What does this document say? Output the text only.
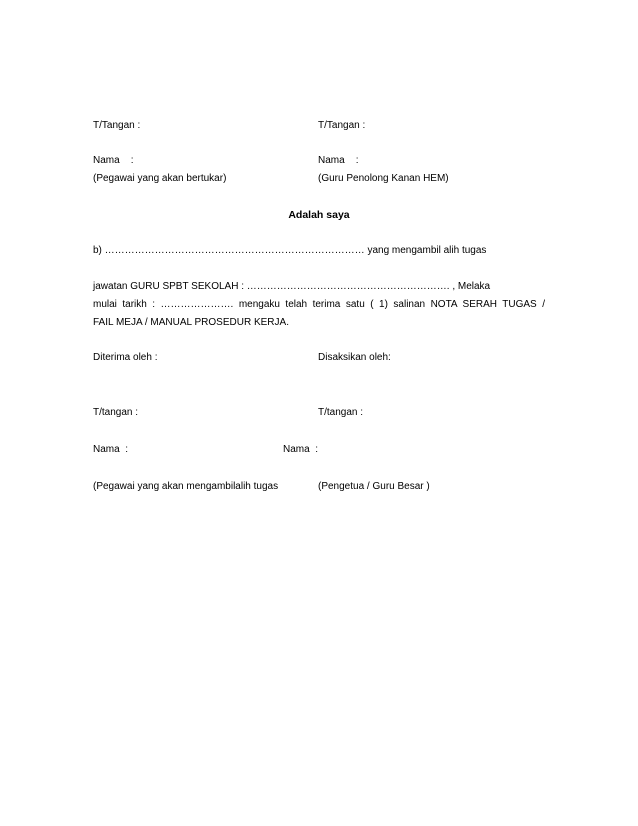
T/Tangan :	T/Tangan :
Nama    :	Nama    :
(Pegawai yang akan bertukar)	(Guru Penolong Kanan HEM)
Adalah saya
b) …………………………………………………………………… yang mengambil alih tugas
jawatan GURU SPBT SEKOLAH : ……………………………………………………. , Melaka
mulai tarikh : …………………. mengaku telah terima satu ( 1) salinan NOTA SERAH TUGAS /
FAIL MEJA / MANUAL PROSEDUR KERJA.
Diterima oleh :	Disaksikan oleh:
T/tangan :	T/tangan :
Nama  :	Nama  :
(Pegawai yang akan mengambilalih tugas	(Pengetua / Guru Besar )
